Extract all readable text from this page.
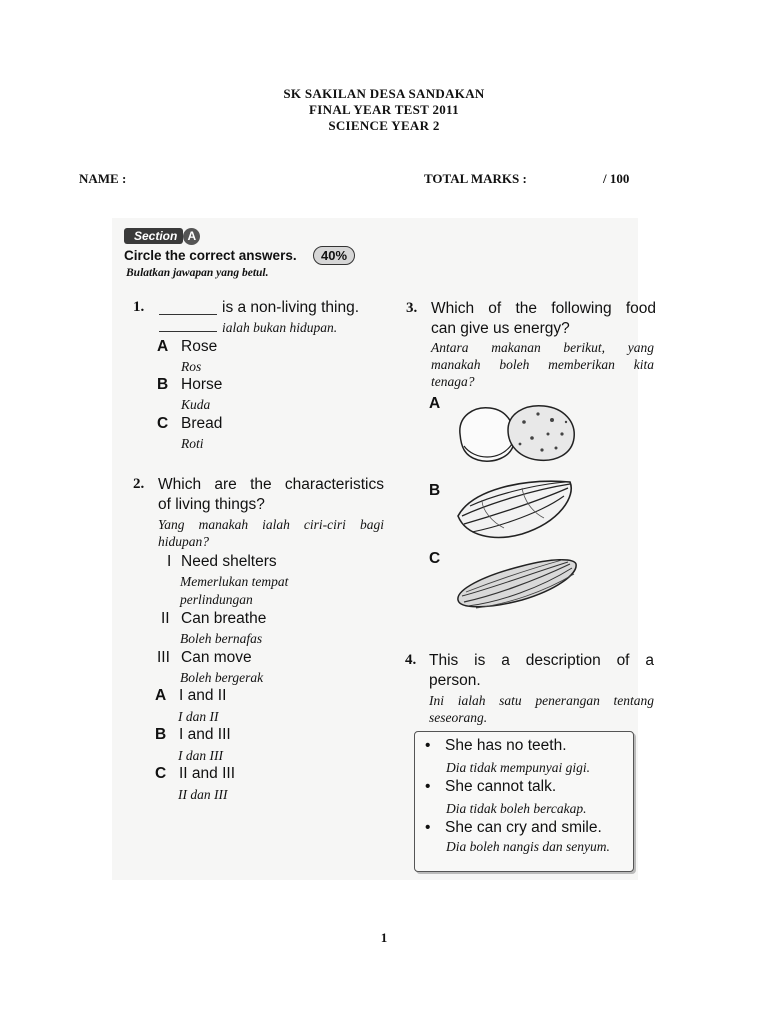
SK SAKILAN DESA SANDAKAN
FINAL YEAR TEST 2011
SCIENCE YEAR 2
NAME :	TOTAL MARKS :	/ 100
Section A
Circle the correct answers.	40%
Bulatkan jawapan yang betul.
1.	is a non-living thing.
ialah bukan hidupan.
A Rose
Ros
B Horse
Kuda
C Bread
Roti
2. Which are the characteristics
of living things?
Yang manakah ialah ciri-ciri bagi
hidupan?
I Need shelters
Memerlukan tempat
perlindungan
II Can breathe
Boleh bernafas
III Can move
Boleh bergerak
A I and II
I dan II
B I and III
I dan III
C II and III
II dan III
3. Which of the following food
can give us energy?
Antara makanan berikut, yang
manakah boleh memberikan kita
tenaga?
A
B
C
4. This is a description of a
person.
Ini ialah satu penerangan tentang
seseorang.
• She has no teeth.
Dia tidak mempunyai gigi.
• She cannot talk.
Dia tidak boleh bercakap.
• She can cry and smile.
Dia boleh nangis dan senyum.
1
